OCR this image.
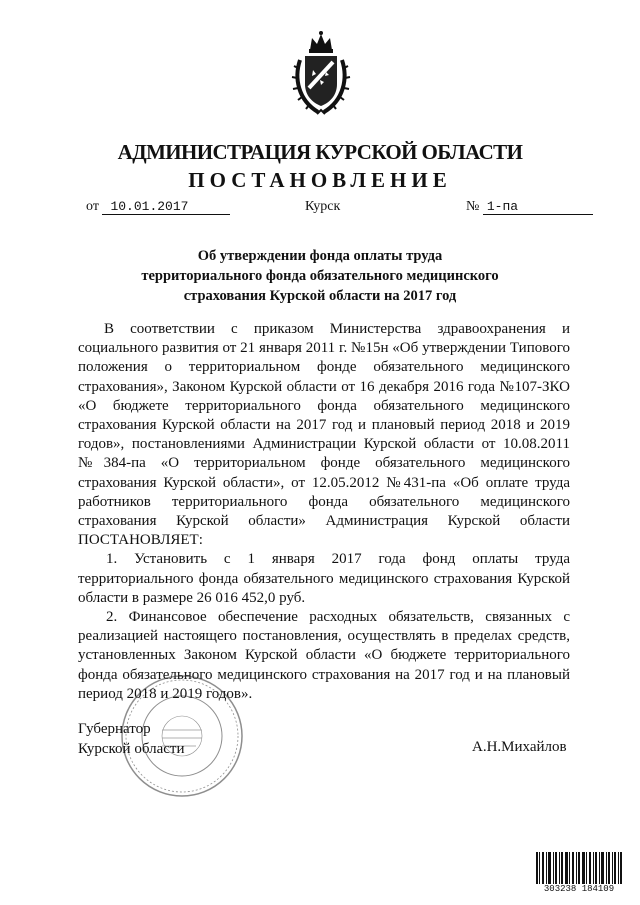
АДМИНИСТРАЦИЯ КУРСКОЙ ОБЛАСТИ
ПОСТАНОВЛЕНИЕ
от 10.01.2017	Курск	№ 1-па
Об утверждении фонда оплаты труда
территориального фонда обязательного медицинского
страхования Курской области на 2017 год

В соответствии с приказом Министерства здравоохранения и социального развития от 21 января 2011 г. №15н «Об утверждении Типового положения о территориальном фонде обязательного медицинского страхования», Законом Курской области от 16 декабря 2016 года №107-ЗКО «О бюджете территориального фонда обязательного медицинского страхования Курской области на 2017 год и плановый период 2018 и 2019 годов», постановлениями Администрации Курской области от 10.08.2011 №384-па «О территориальном фонде обязательного медицинского страхования Курской области», от 12.05.2012 №431-па «Об оплате труда работников территориального фонда обязательного медицинского страхования Курской области» Администрация Курской области ПОСТАНОВЛЯЕТ:

1. Установить с 1 января 2017 года фонд оплаты труда территориального фонда обязательного медицинского страхования Курской области в размере 26 016 452,0 руб.

2. Финансовое обеспечение расходных обязательств, связанных с реализацией настоящего постановления, осуществлять в пределах средств, установленных Законом Курской области «О бюджете территориального фонда обязательного медицинского страхования на 2017 год и на плановый период 2018 и 2019 годов».

Губернатор
Курской области	А.Н.Михайлов
303238 184109
